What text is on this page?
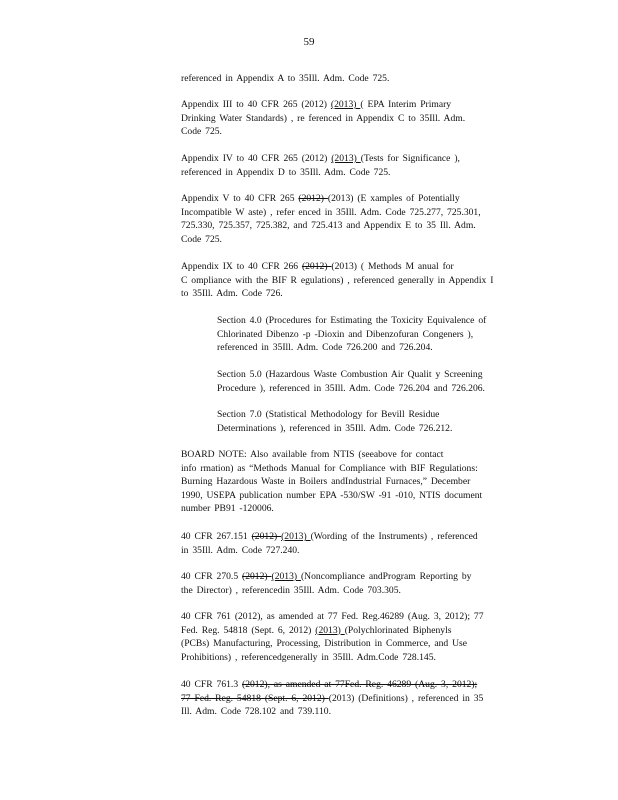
59
referenced in Appendix A to 35Ill. Adm. Code 725.
Appendix III to 40 CFR 265 (2012) (2013) ( EPA Interim Primary
Drinking Water Standards) , re ferenced in Appendix C to 35Ill. Adm.
Code 725.
Appendix IV to 40 CFR 265 (2012) (2013) (Tests for Significance ),
referenced in Appendix D to 35Ill. Adm. Code 725.
Appendix V to 40 CFR 265 (2012) (2013) (E xamples of Potentially
Incompatible W aste) , refer enced in 35Ill. Adm. Code 725.277, 725.301,
725.330, 725.357, 725.382, and 725.413 and Appendix E to 35 Ill. Adm.
Code 725.
Appendix IX to 40 CFR 266 (2012) (2013) ( Methods M anual for
C ompliance with the BIF R egulations) , referenced generally in Appendix I
to 35Ill. Adm. Code 726.
Section 4.0 (Procedures for Estimating the Toxicity Equivalence of
Chlorinated Dibenzo -p -Dioxin and Dibenzofuran Congeners ),
referenced in 35Ill. Adm. Code 726.200 and 726.204.
Section 5.0 (Hazardous Waste Combustion Air Qualit y Screening
Procedure ), referenced in 35Ill. Adm. Code 726.204 and 726.206.
Section 7.0 (Statistical Methodology for Bevill Residue
Determinations ), referenced in 35Ill. Adm. Code 726.212.
BOARD NOTE: Also available from NTIS (seeabove for contact
info rmation) as “Methods Manual for Compliance with BIF Regulations:
Burning Hazardous Waste in Boilers andIndustrial Furnaces,” December
1990, USEPA publication number EPA -530/SW -91 -010, NTIS document
number PB91 -120006.
40 CFR 267.151 (2012) (2013) (Wording of the Instruments) , referenced
in 35Ill. Adm. Code 727.240.
40 CFR 270.5 (2012) (2013) (Noncompliance andProgram Reporting by
the Director) , referencedin 35Ill. Adm. Code 703.305.
40 CFR 761 (2012), as amended at 77 Fed. Reg.46289 (Aug. 3, 2012); 77
Fed. Reg. 54818 (Sept. 6, 2012) (2013) (Polychlorinated Biphenyls
(PCBs) Manufacturing, Processing, Distribution in Commerce, and Use
Prohibitions) , referencedgenerally in 35Ill. Adm.Code 728.145.
40 CFR 761.3 (2012), as amended at 77Fed. Reg. 46289 (Aug. 3, 2012);
77 Fed. Reg. 54818 (Sept. 6, 2012) (2013) (Definitions) , referenced in 35
Ill. Adm. Code 728.102 and 739.110.
